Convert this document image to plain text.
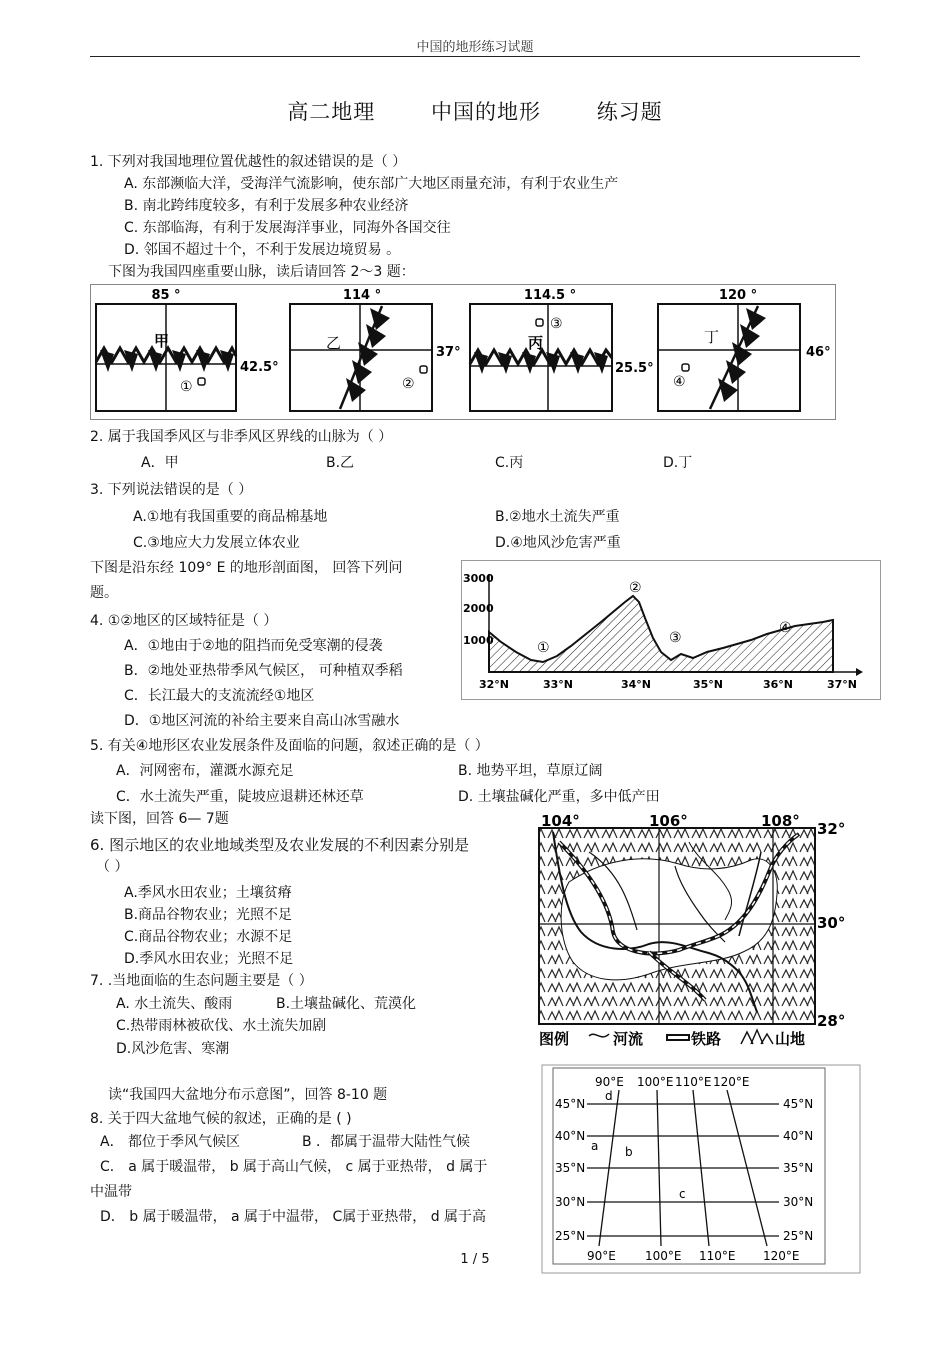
中国的地形练习试题
高二地理	中国的地形	练习题
1. 下列对我国地理位置优越性的叙述错误的是（ ）
A. 东部濒临大洋，受海洋气流影响，使东部广大地区雨量充沛，有利于农业生产
B. 南北跨纬度较多，有利于发展多种农业经济
C. 东部临海，有利于发展海洋事业，同海外各国交往
D. 邻国不超过十个，不利于发展边境贸易 。
下图为我国四座重要山脉，读后请回答 2～3 题：
甲
①
85 °
42.5°
乙
②
114 °
37°
丙
③
114.5 °
25.5°
丁
④
120 °
46°
2. 属于我国季风区与非季风区界线的山脉为（ ）
A．甲	B.乙	C.丙	D.丁
3. 下列说法错误的是（ ）
A.①地有我国重要的商品棉基地	B.②地水土流失严重
C.③地应大力发展立体农业	D.④地风沙危害严重
下图是沿东经 109° E 的地形剖面图， 回答下列问
题。
3000
2000
1000
32°N	33°N	34°N	35°N	36°N	37°N
①
②
③
④
4. ①②地区的区域特征是（ ）
A．①地由于②地的阻挡而免受寒潮的侵袭
B．②地处亚热带季风气候区， 可种植双季稻
C．长江最大的支流流经①地区
D．①地区河流的补给主要来自高山冰雪融水
5. 有关④地形区农业发展条件及面临的问题，叙述正确的是（ ）
A．河网密布，灌溉水源充足	B. 地势平坦，草原辽阔
C．水土流失严重，陡坡应退耕还林还草	D. 土壤盐碱化严重，多中低产田
读下图，回答 6— 7题	104°	106°	108° 32°
30°
28°
图例	河流	铁路	山地
6. 图示地区的农业地域类型及农业发展的不利因素分别是
（ ）
A.季风水田农业；土壤贫瘠
B.商品谷物农业；光照不足
C.商品谷物农业；水源不足
D.季风水田农业；光照不足
7. .当地面临的生态问题主要是（ ）
A. 水土流失、酸雨	B.土壤盐碱化、荒漠化
C.热带雨林被砍伐、水土流失加剧
D.风沙危害、寒潮
读“我国四大盆地分布示意图”，回答 8-10 题
90°E 100°E 110°E 120°E
90°E 100°E 110°E 120°E
45°N
40°N
35°N
30°N
25°N
45°N
40°N
35°N
30°N
25°N
d
a b
c
8. 关于四大盆地气候的叙述，正确的是 ( )
A． 都位于季风气候区	B ．都属于温带大陆性气候
C． a 属于暖温带， b 属于高山气候， c 属于亚热带， d 属于
中温带
D． b 属于暖温带， a 属于中温带， C属于亚热带， d 属于高
1 / 5
